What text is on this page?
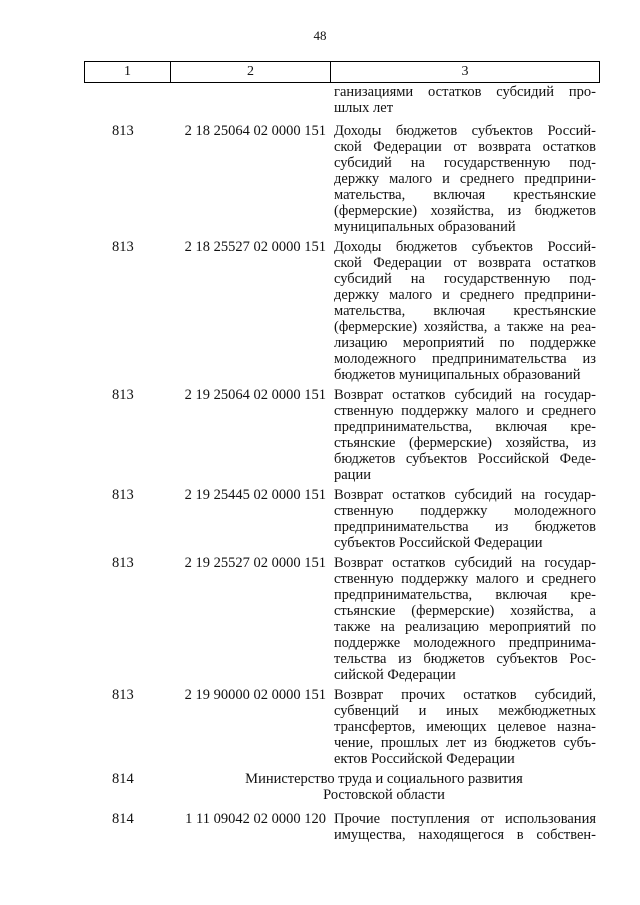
48
1	2	3
ганизациями остатков субсидий про-
шлых лет
813	2 18 25064 02 0000 151 Доходы бюджетов субъектов Россий-
ской Федерации от возврата остатков
субсидий на государственную под-
держку малого и среднего предприни-
мательства, включая крестьянские
(фермерские) хозяйства, из бюджетов
муниципальных образований
813	2 18 25527 02 0000 151 Доходы бюджетов субъектов Россий-
ской Федерации от возврата остатков
субсидий на государственную под-
держку малого и среднего предприни-
мательства, включая крестьянские
(фермерские) хозяйства, а также на реа-
лизацию мероприятий по поддержке
молодежного предпринимательства из
бюджетов муниципальных образований
813	2 19 25064 02 0000 151 Возврат остатков субсидий на государ-
ственную поддержку малого и среднего
предпринимательства, включая кре-
стьянские (фермерские) хозяйства, из
бюджетов субъектов Российской Феде-
рации
813	2 19 25445 02 0000 151 Возврат остатков субсидий на государ-
ственную поддержку молодежного
предпринимательства из бюджетов
субъектов Российской Федерации
813	2 19 25527 02 0000 151 Возврат остатков субсидий на государ-
ственную поддержку малого и среднего
предпринимательства, включая кре-
стьянские (фермерские) хозяйства, а
также на реализацию мероприятий по
поддержке молодежного предпринима-
тельства из бюджетов субъектов Рос-
сийской Федерации
813	2 19 90000 02 0000 151 Возврат прочих остатков субсидий,
субвенций и иных межбюджетных
трансфертов, имеющих целевое назна-
чение, прошлых лет из бюджетов субъ-
ектов Российской Федерации
814	Министерство труда и социального развития
Ростовской области
814	1 11 09042 02 0000 120 Прочие поступления от использования
имущества, находящегося в собствен-
